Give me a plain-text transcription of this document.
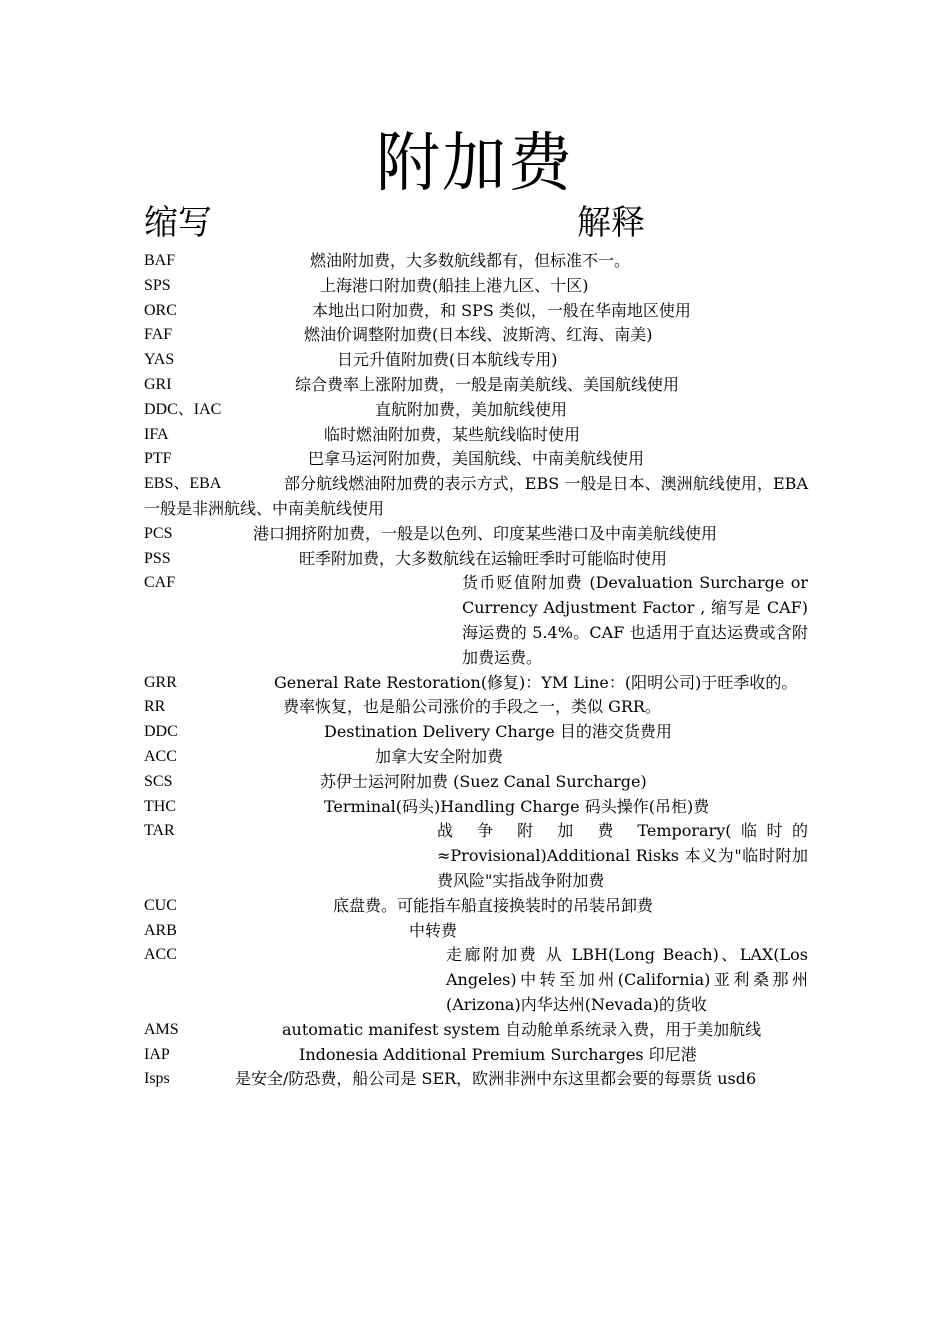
附加费
缩写	解释
BAF	燃油附加费，大多数航线都有，但标准不一。
SPS	上海港口附加费(船挂上港九区、十区)
ORC	本地出口附加费，和 SPS 类似，一般在华南地区使用
FAF	燃油价调整附加费(日本线、波斯湾、红海、南美)
YAS	日元升值附加费(日本航线专用)
GRI	综合费率上涨附加费，一般是南美航线、美国航线使用
DDC、IAC	直航附加费，美加航线使用
IFA	临时燃油附加费，某些航线临时使用
PTF	巴拿马运河附加费，美国航线、中南美航线使用
EBS、EBA	部分航线燃油附加费的表示方式，EBS 一般是日本、澳洲航线使用，EBA 一般是非洲航线、中南美航线使用
PCS	港口拥挤附加费，一般是以色列、印度某些港口及中南美航线使用
PSS	旺季附加费，大多数航线在运输旺季时可能临时使用
CAF	货币贬值附加费 (Devaluation Surcharge or Currency Adjustment Factor , 缩写是 CAF)海运费的 5.4%。CAF 也适用于直达运费或含附加费运费。
GRR	General Rate Restoration(修复)：YM Line：(阳明公司)于旺季收的。
RR	费率恢复，也是船公司涨价的手段之一，类似 GRR。
DDC	Destination Delivery Charge 目的港交货费用
ACC	加拿大安全附加费
SCS	苏伊士运河附加费 (Suez Canal Surcharge)
THC	Terminal(码头)Handling Charge 码头操作(吊柜)费
TAR	战 争 附 加 费 Temporary(临时的≈Provisional)Additional Risks 本义为"临时附加费风险"实指战争附加费
CUC	底盘费。可能指车船直接换装时的吊装吊卸费
ARB	中转费
ACC	走廊附加费 从 LBH(Long Beach)、LAX(Los Angeles)中转至加州(California)亚利桑那州(Arizona)内华达州(Nevada)的货收
AMS	automatic manifest system 自动舱单系统录入费，用于美加航线
IAP	Indonesia Additional Premium Surcharges 印尼港
Isps	是安全/防恐费，船公司是 SER，欧洲非洲中东这里都会要的每票货 usd6
